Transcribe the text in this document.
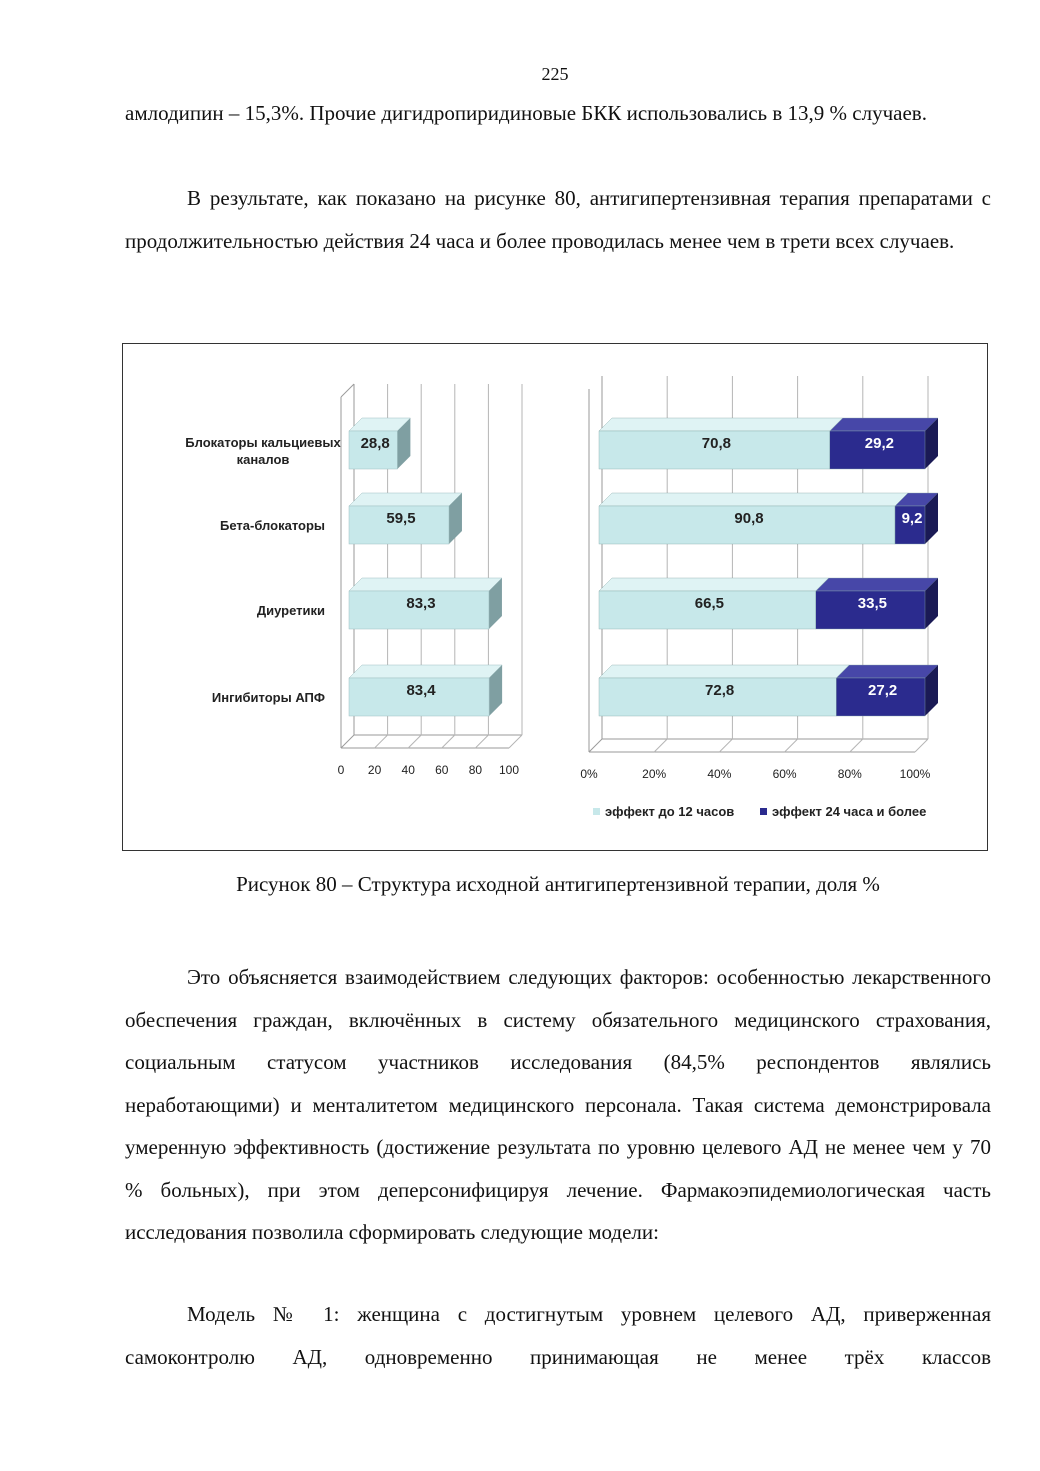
225

амлодипин – 15,3%. Прочие дигидропиридиновые БКК использовались в 13,9 % случаев.

В результате, как показано на рисунке 80, антигипертензивная терапия препаратами с продолжительностью действия 24 часа и более проводилась менее чем в трети всех случаев.

0 20 40 60 80 100
Блокаторы кальциевых
каналов
Бета-блокаторы
Диуретики
Ингибиторы АПФ
28,8
59,5
83,3
83,4
0%	20%	40%	60%	80%	100%
70,8	29,2
90,8	9,2
66,5	33,5
72,8	27,2
эффект до 12 часов	эффект 24 часа и более
Рисунок 80 – Структура исходной антигипертензивной терапии, доля %

Это объясняется взаимодействием следующих факторов: особенностью лекарственного обеспечения граждан, включённых в систему обязательного медицинского страхования, социальным статусом участников исследования (84,5% респондентов являлись неработающими) и менталитетом медицинского персонала. Такая система демонстрировала умеренную эффективность (достижение результата по уровню целевого АД не менее чем у 70 % больных), при этом деперсонифицируя лечение. Фармакоэпидемиологическая часть исследования позволила сформировать следующие модели:

Модель № 1: женщина с достигнутым уровнем целевого АД, приверженная самоконтролю АД, одновременно принимающая не менее трёх классов
